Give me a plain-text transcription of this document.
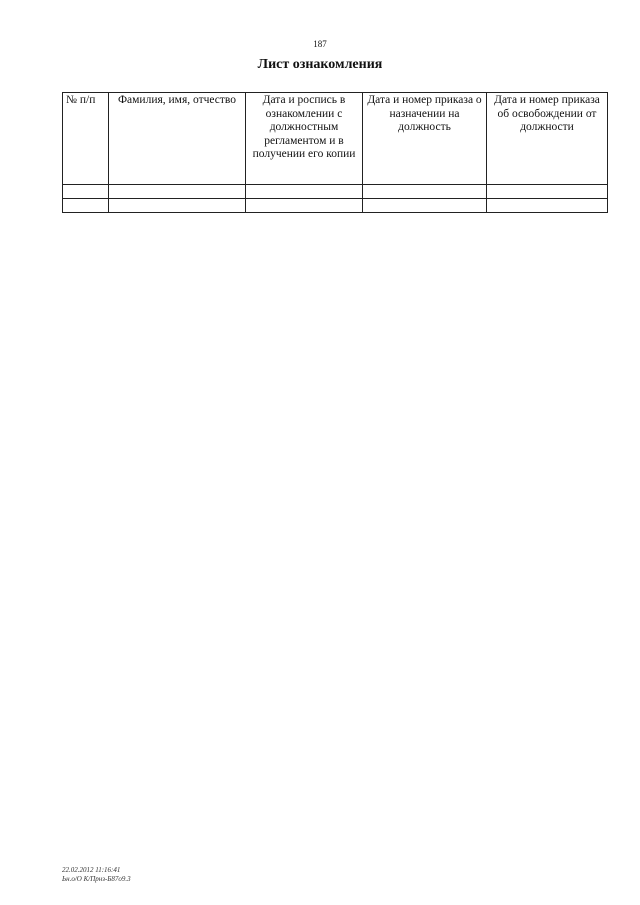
187
Лист ознакомления
№ п/п	Фамилия, имя, отчество	Дата и роспись в ознакомлении с должностным регламентом и в получении его копии	Дата и номер приказа о назначении на должность	Дата и номер приказа об освобождении от должности

22.02.2012 11:16:41
Ьн.о/О К/Прнз-Б87о9.3
